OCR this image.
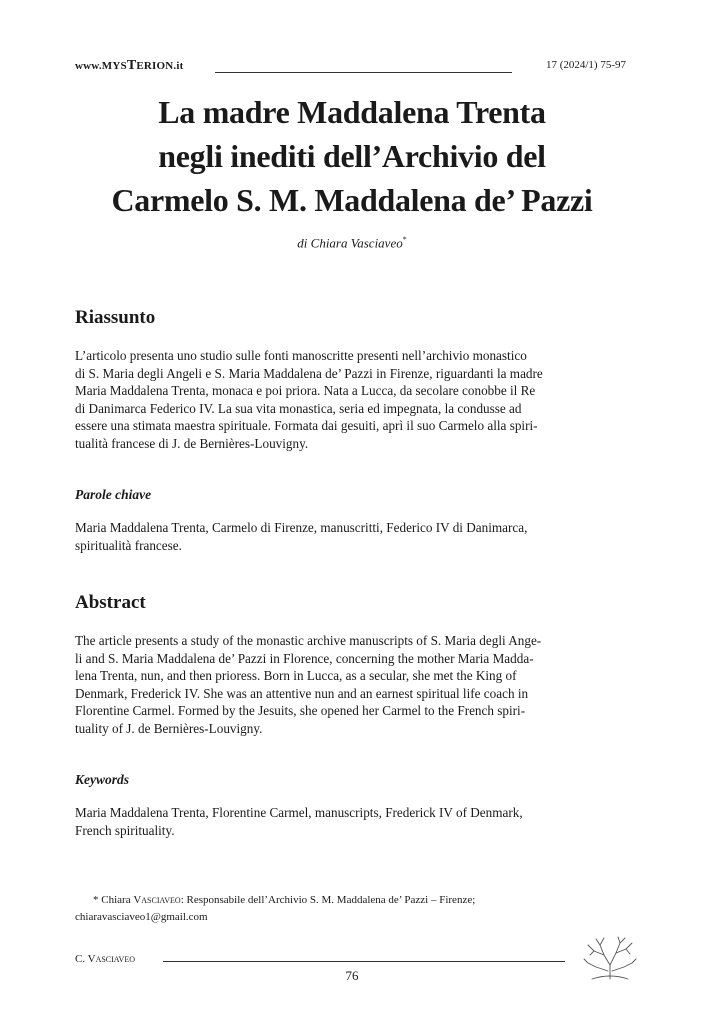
www.MYSTERION.it	17 (2024/1) 75-97
La madre Maddalena Trenta
negli inediti dell’Archivio del
Carmelo S. M. Maddalena de’ Pazzi
di Chiara Vasciaveo*
Riassunto
L’articolo presenta uno studio sulle fonti manoscritte presenti nell’archivio monastico
di S. Maria degli Angeli e S. Maria Maddalena de’ Pazzi in Firenze, riguardanti la madre
Maria Maddalena Trenta, monaca e poi priora. Nata a Lucca, da secolare conobbe il Re
di Danimarca Federico IV. La sua vita monastica, seria ed impegnata, la condusse ad
essere una stimata maestra spirituale. Formata dai gesuiti, aprì il suo Carmelo alla spiri-
tualità francese di J. de Bernières-Louvigny.
Parole chiave
Maria Maddalena Trenta, Carmelo di Firenze, manuscritti, Federico IV di Danimarca,
spiritualità francese.
Abstract
The article presents a study of the monastic archive manuscripts of S. Maria degli Ange-
li and S. Maria Maddalena de’ Pazzi in Florence, concerning the mother Maria Madda-
lena Trenta, nun, and then prioress. Born in Lucca, as a secular, she met the King of
Denmark, Frederick IV. She was an attentive nun and an earnest spiritual life coach in
Florentine Carmel. Formed by the Jesuits, she opened her Carmel to the French spiri-
tuality of J. de Bernières-Louvigny.
Keywords
Maria Maddalena Trenta, Florentine Carmel, manuscripts, Frederick IV of Denmark,
French spirituality.
* Chiara Vasciaveo: Responsabile dell’Archivio S. M. Maddalena de’ Pazzi – Firenze;
chiaravasciaveo1@gmail.com
C. Vasciaveo
76
